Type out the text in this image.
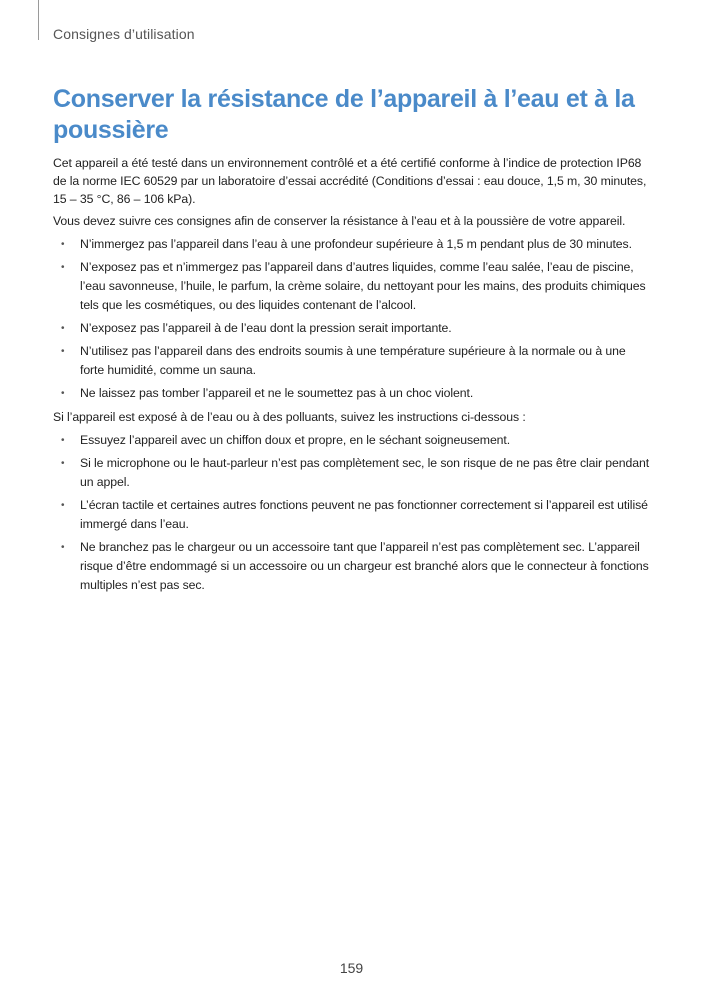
Consignes d’utilisation
Conserver la résistance de l’appareil à l’eau et à la poussière

Cet appareil a été testé dans un environnement contrôlé et a été certifié conforme à l’indice de protection IP68 de la norme IEC 60529 par un laboratoire d’essai accrédité (Conditions d’essai : eau douce, 1,5 m, 30 minutes, 15 – 35 °C, 86 – 106 kPa).

Vous devez suivre ces consignes afin de conserver la résistance à l’eau et à la poussière de votre appareil.

• N’immergez pas l’appareil dans l’eau à une profondeur supérieure à 1,5 m pendant plus de 30 minutes.
• N’exposez pas et n’immergez pas l’appareil dans d’autres liquides, comme l’eau salée, l’eau de piscine, l’eau savonneuse, l’huile, le parfum, la crème solaire, du nettoyant pour les mains, des produits chimiques tels que les cosmétiques, ou des liquides contenant de l’alcool.
• N’exposez pas l’appareil à de l’eau dont la pression serait importante.
• N’utilisez pas l’appareil dans des endroits soumis à une température supérieure à la normale ou à une forte humidité, comme un sauna.
• Ne laissez pas tomber l’appareil et ne le soumettez pas à un choc violent.

Si l’appareil est exposé à de l’eau ou à des polluants, suivez les instructions ci-dessous :

• Essuyez l’appareil avec un chiffon doux et propre, en le séchant soigneusement.
• Si le microphone ou le haut-parleur n’est pas complètement sec, le son risque de ne pas être clair pendant un appel.
• L’écran tactile et certaines autres fonctions peuvent ne pas fonctionner correctement si l’appareil est utilisé immergé dans l’eau.
• Ne branchez pas le chargeur ou un accessoire tant que l’appareil n’est pas complètement sec. L’appareil risque d’être endommagé si un accessoire ou un chargeur est branché alors que le connecteur à fonctions multiples n’est pas sec.
159
